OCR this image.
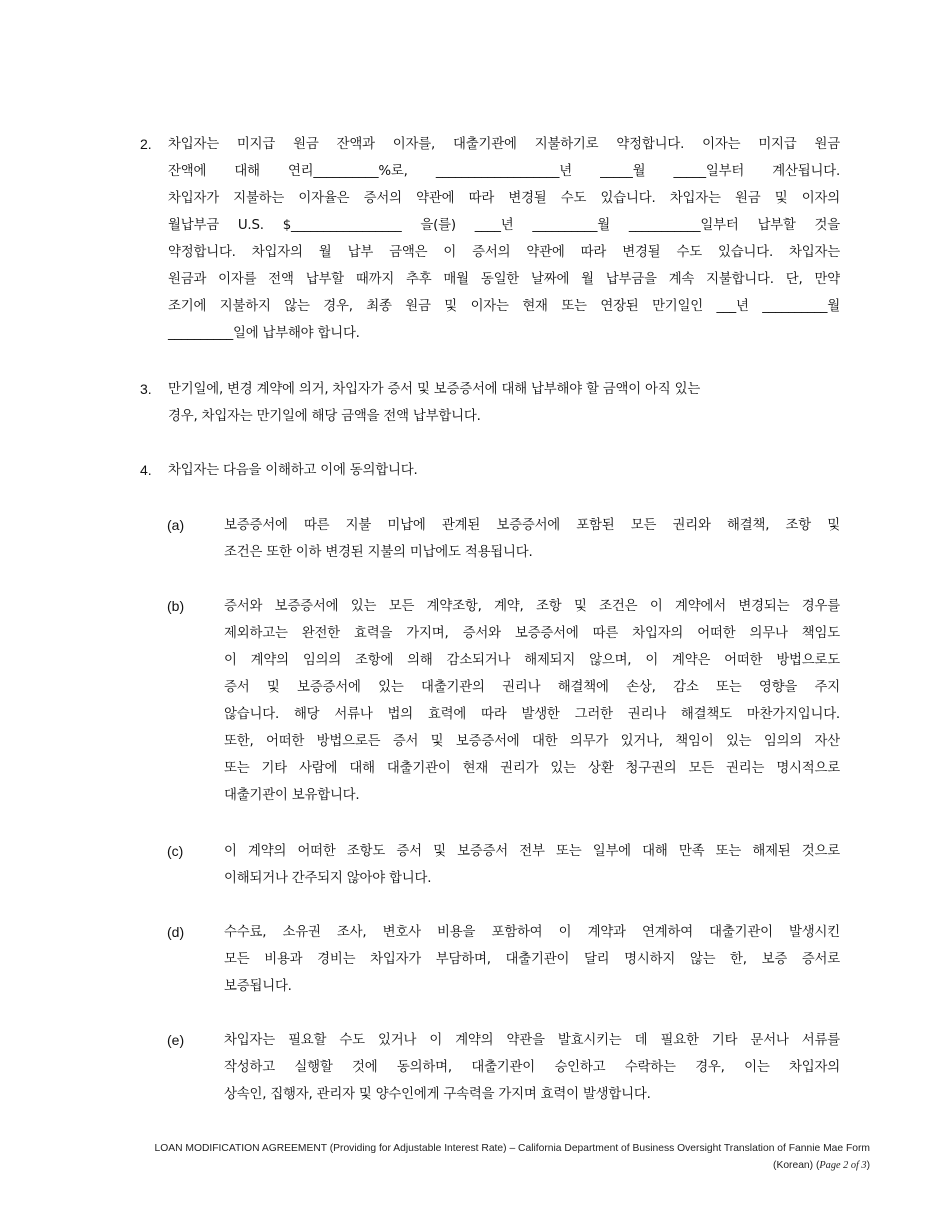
2. 차입자는 미지급 원금 잔액과 이자를, 대출기관에 지불하기로 약정합니다. 이자는 미지급 원금
잔액에 대해 연리__________%로, ___________________년 _____월 _____일부터 계산됩니다.
차입자가 지불하는 이자율은 증서의 약관에 따라 변경될 수도 있습니다. 차입자는 원금 및 이자의
월납부금 U.S. $_________________ 을(를) ____년 __________월 ___________일부터 납부할 것을
약정합니다. 차입자의 월 납부 금액은 이 증서의 약관에 따라 변경될 수도 있습니다. 차입자는
원금과 이자를 전액 납부할 때까지 추후 매월 동일한 날짜에 월 납부금을 계속 지불합니다. 단, 만약
조기에 지불하지 않는 경우, 최종 원금 및 이자는 현재 또는 연장된 만기일인 ___년 __________월
__________일에 납부해야 합니다.
3. 만기일에, 변경 계약에 의거, 차입자가 증서 및 보증증서에 대해 납부해야 할 금액이 아직 있는
경우, 차입자는 만기일에 해당 금액을 전액 납부합니다.
4. 차입자는 다음을 이해하고 이에 동의합니다.
(a)	보증증서에 따른 지불 미납에 관계된 보증증서에 포함된 모든 권리와 해결책, 조항 및
조건은 또한 이하 변경된 지불의 미납에도 적용됩니다.
(b)	증서와 보증증서에 있는 모든 계약조항, 계약, 조항 및 조건은 이 계약에서 변경되는 경우를
제외하고는 완전한 효력을 가지며, 증서와 보증증서에 따른 차입자의 어떠한 의무나 책임도
이 계약의 임의의 조항에 의해 감소되거나 해제되지 않으며, 이 계약은 어떠한 방법으로도
증서 및 보증증서에 있는 대출기관의 권리나 해결책에 손상, 감소 또는 영향을 주지
않습니다. 해당 서류나 법의 효력에 따라 발생한 그러한 권리나 해결책도 마찬가지입니다.
또한, 어떠한 방법으로든 증서 및 보증증서에 대한 의무가 있거나, 책임이 있는 임의의 자산
또는 기타 사람에 대해 대출기관이 현재 권리가 있는 상환 청구권의 모든 권리는 명시적으로
대출기관이 보유합니다.
(c)	이 계약의 어떠한 조항도 증서 및 보증증서 전부 또는 일부에 대해 만족 또는 해제된 것으로
이해되거나 간주되지 않아야 합니다.
(d)	수수료, 소유권 조사, 변호사 비용을 포함하여 이 계약과 연계하여 대출기관이 발생시킨
모든 비용과 경비는 차입자가 부담하며, 대출기관이 달리 명시하지 않는 한, 보증 증서로
보증됩니다.
(e)	차입자는 필요할 수도 있거나 이 계약의 약관을 발효시키는 데 필요한 기타 문서나 서류를
작성하고 실행할 것에 동의하며, 대출기관이 승인하고 수락하는 경우, 이는 차입자의
상속인, 집행자, 관리자 및 양수인에게 구속력을 가지며 효력이 발생합니다.
LOAN MODIFICATION AGREEMENT (Providing for Adjustable Interest Rate) – California Department of Business Oversight Translation of Fannie Mae Form
(Korean) (Page 2 of 3)
